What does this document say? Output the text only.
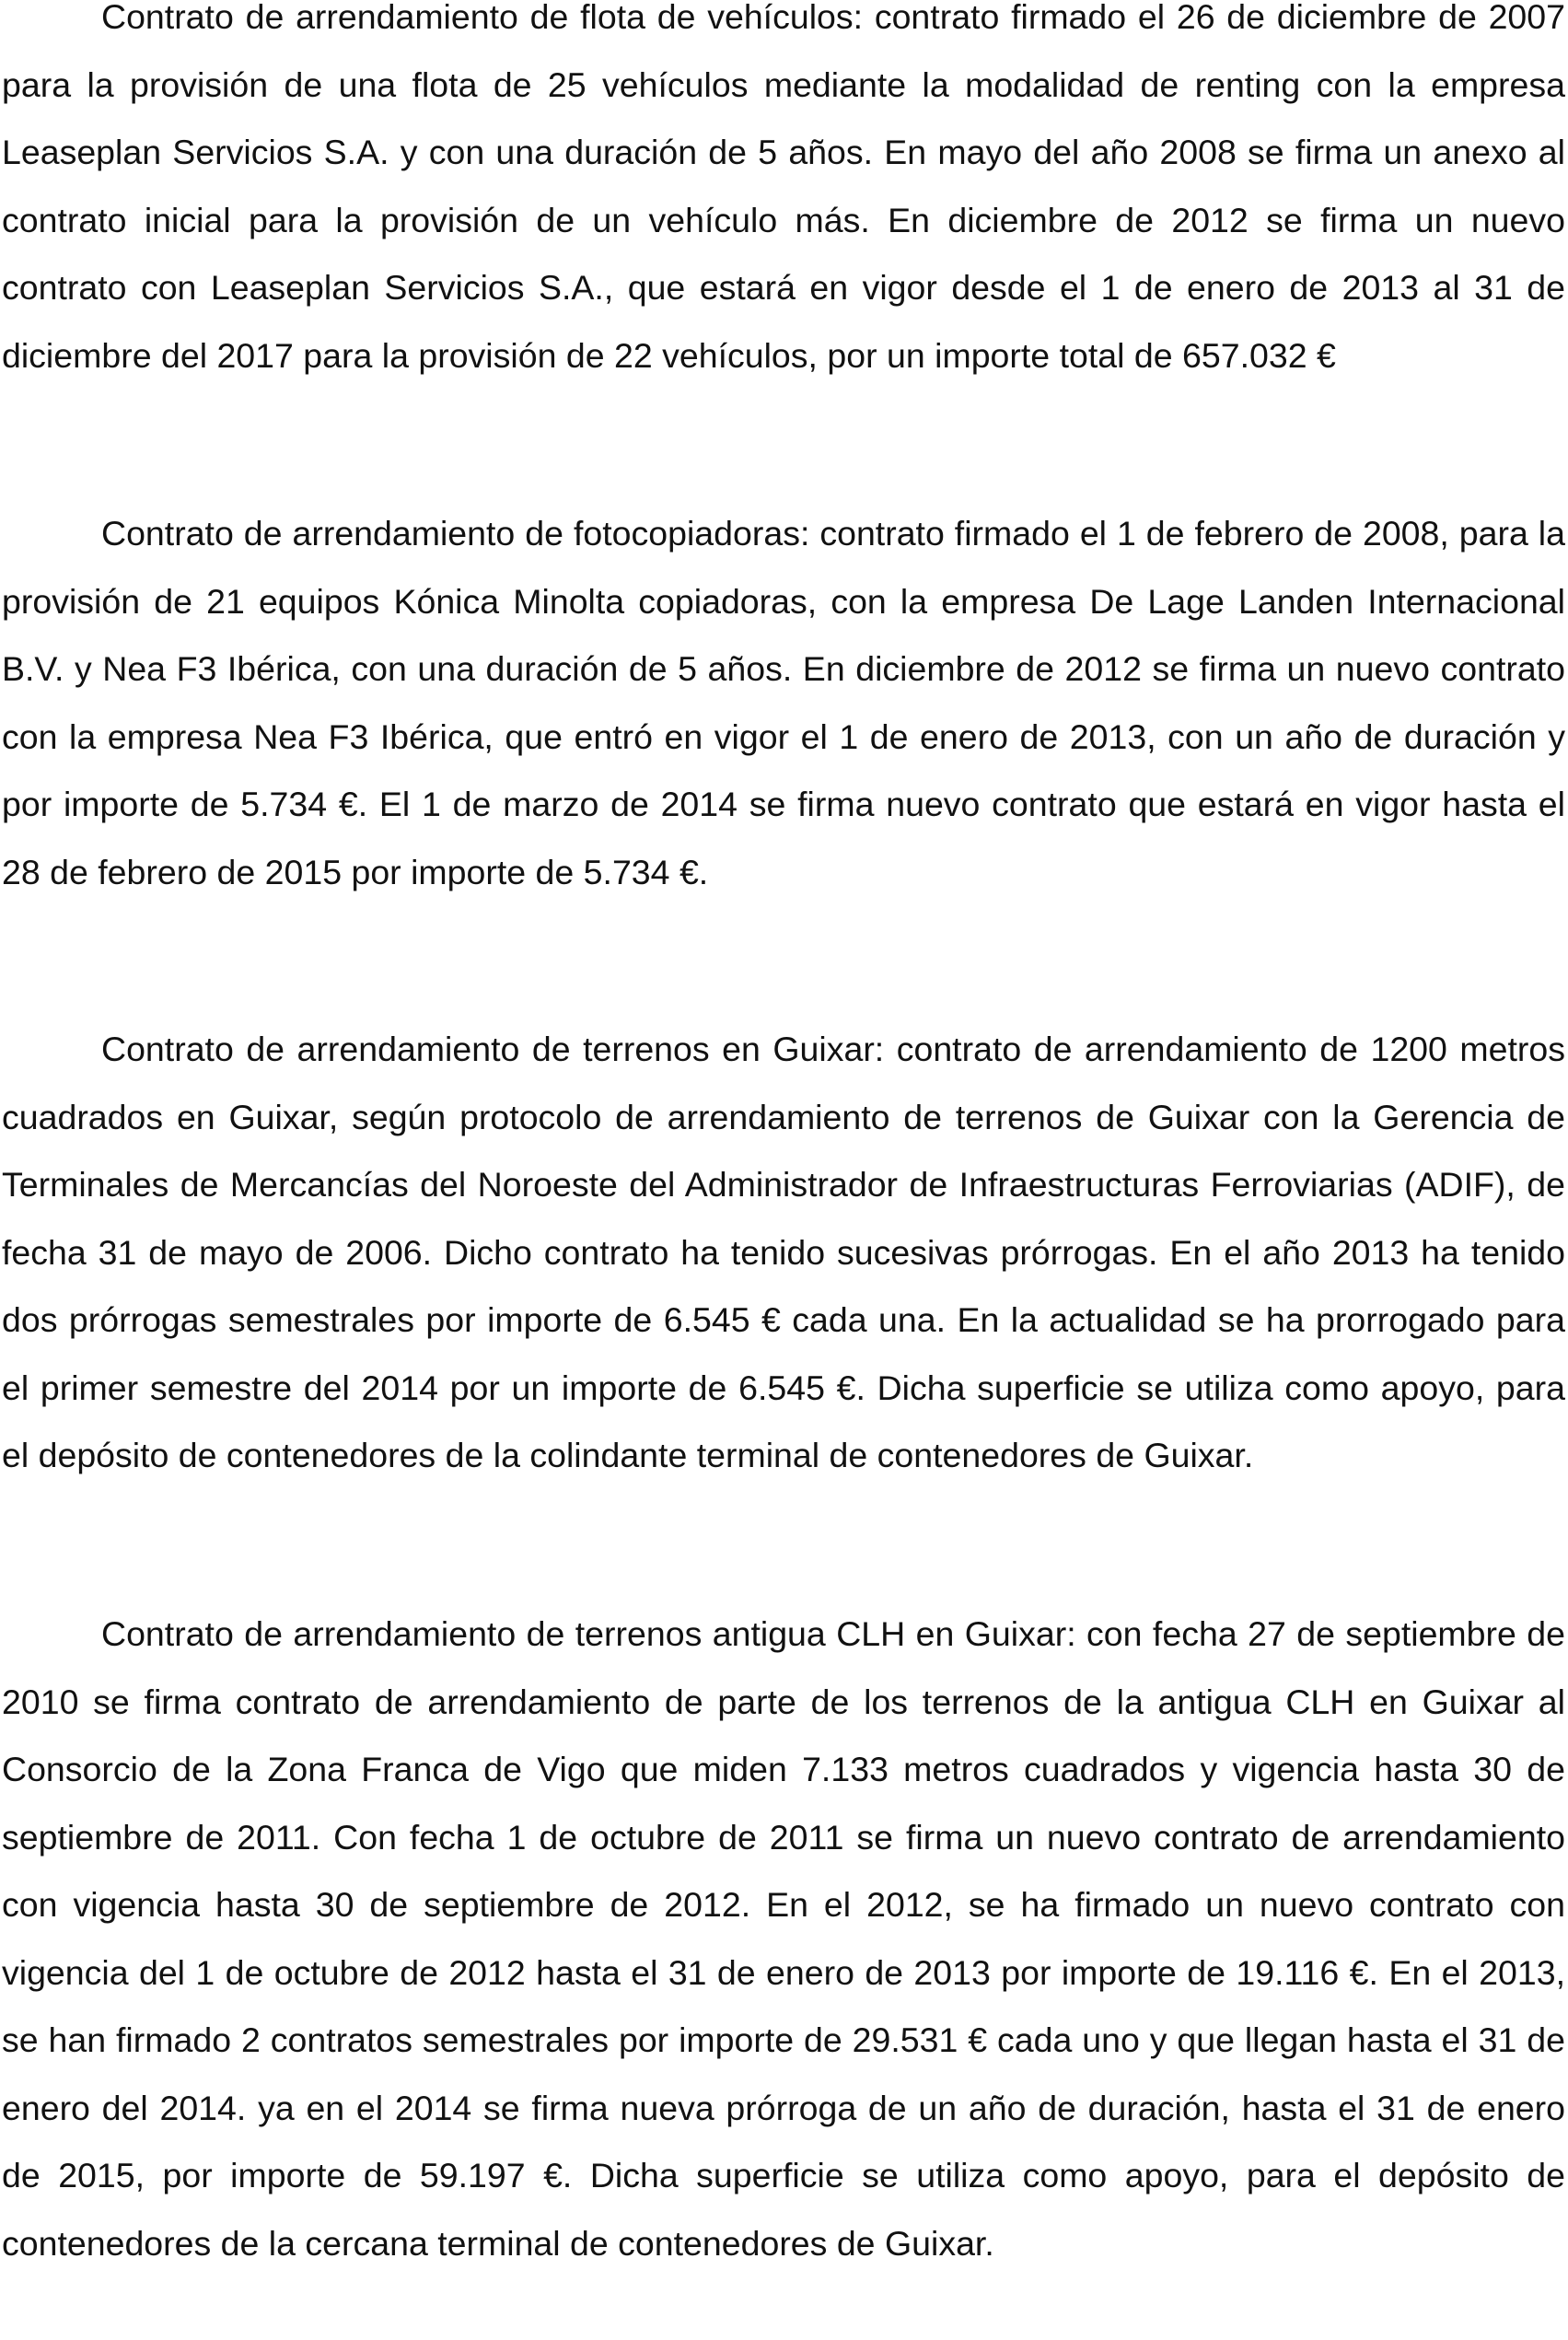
Contrato de arrendamiento de flota de vehículos: contrato firmado el 26 de diciembre de 2007 para la provisión de una flota de 25 vehículos mediante la modalidad de renting con la empresa Leaseplan Servicios S.A. y con una duración de 5 años. En mayo del año 2008 se firma un anexo al contrato inicial para la provisión de un vehículo más. En diciembre de 2012 se firma un nuevo contrato con Leaseplan Servicios S.A., que estará en vigor desde el 1 de enero de 2013 al 31 de diciembre del 2017 para la provisión de 22 vehículos, por un importe total de 657.032 €

Contrato de arrendamiento de fotocopiadoras: contrato firmado el 1 de febrero de 2008, para la provisión de 21 equipos Kónica Minolta copiadoras, con la empresa De Lage Landen Internacional B.V. y Nea F3 Ibérica, con una duración de 5 años. En diciembre de 2012 se firma un nuevo contrato con la empresa Nea F3 Ibérica, que entró en vigor el 1 de enero de 2013, con un año de duración y por importe de 5.734 €. El 1 de marzo de 2014 se firma nuevo contrato que estará en vigor hasta el 28 de febrero de 2015 por importe de 5.734 €.

Contrato de arrendamiento de terrenos en Guixar: contrato de arrendamiento de 1200 metros cuadrados en Guixar, según protocolo de arrendamiento de terrenos de Guixar con la Gerencia de Terminales de Mercancías del Noroeste del Administrador de Infraestructuras Ferroviarias (ADIF), de fecha 31 de mayo de 2006. Dicho contrato ha tenido sucesivas prórrogas. En el año 2013 ha tenido dos prórrogas semestrales por importe de 6.545 € cada una. En la actualidad se ha prorrogado para el primer semestre del 2014 por un importe de 6.545 €. Dicha superficie se utiliza como apoyo, para el depósito de contenedores de la colindante terminal de contenedores de Guixar.

Contrato de arrendamiento de terrenos antigua CLH en Guixar: con fecha 27 de septiembre de 2010 se firma contrato de arrendamiento de parte de los terrenos de la antigua CLH en Guixar al Consorcio de la Zona Franca de Vigo que miden 7.133 metros cuadrados y vigencia hasta 30 de septiembre de 2011. Con fecha 1 de octubre de 2011 se firma un nuevo contrato de arrendamiento con vigencia hasta 30 de septiembre de 2012. En el 2012, se ha firmado un nuevo contrato con vigencia del 1 de octubre de 2012 hasta el 31 de enero de 2013 por importe de 19.116 €. En el 2013, se han firmado 2 contratos semestrales por importe de 29.531 € cada uno y que llegan hasta el 31 de enero del 2014. ya en el 2014 se firma nueva prórroga de un año de duración, hasta el 31 de enero de 2015, por importe de 59.197 €. Dicha superficie se utiliza como apoyo, para el depósito de contenedores de la cercana terminal de contenedores de Guixar.
